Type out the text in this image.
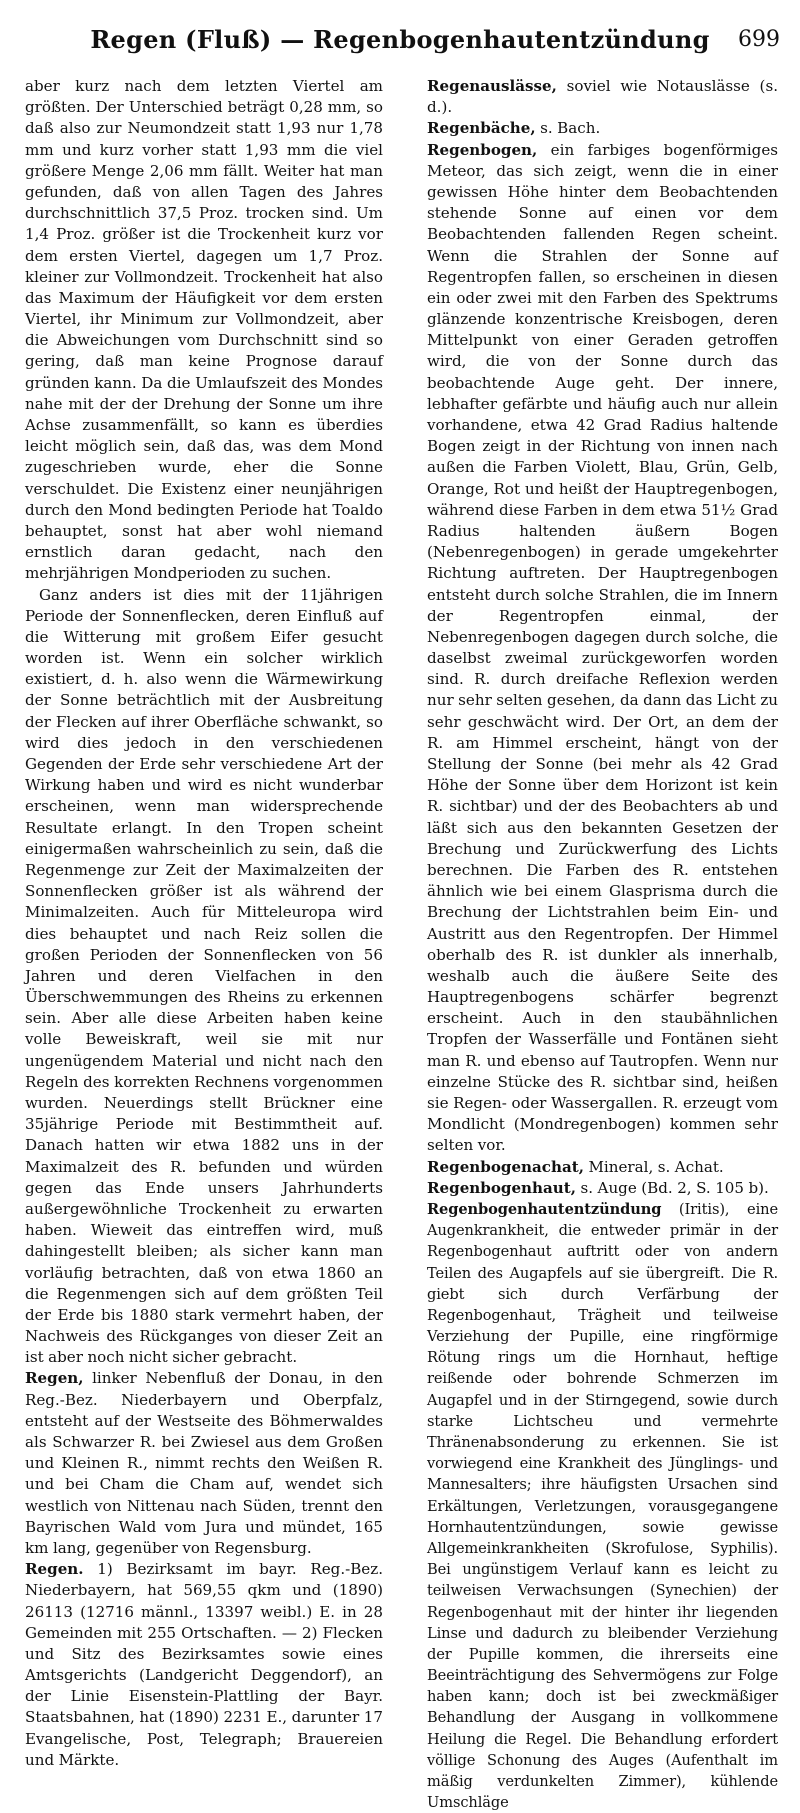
Regen (Fluß) — Regenbogenhautentzündung	699

aber kurz nach dem letzten Viertel am größten. Der Unterschied beträgt 0,28 mm, so daß also zur Neumondzeit statt 1,93 nur 1,78 mm und kurz vorher statt 1,93 mm die viel größere Menge 2,06 mm fällt. Weiter hat man gefunden, daß von allen Tagen des Jahres durchschnittlich 37,5 Proz. trocken sind. Um 1,4 Proz. größer ist die Trockenheit kurz vor dem ersten Viertel, dagegen um 1,7 Proz. kleiner zur Vollmondzeit. Trockenheit hat also das Maximum der Häufigkeit vor dem ersten Viertel, ihr Minimum zur Vollmondzeit, aber die Abweichungen vom Durchschnitt sind so gering, daß man keine Prognose darauf gründen kann. Da die Umlaufszeit des Mondes nahe mit der der Drehung der Sonne um ihre Achse zusammenfällt, so kann es überdies leicht möglich sein, daß das, was dem Mond zugeschrieben wurde, eher die Sonne verschuldet. Die Existenz einer neunjährigen durch den Mond bedingten Periode hat Toaldo behauptet, sonst hat aber wohl niemand ernstlich daran gedacht, nach den mehrjährigen Mondperioden zu suchen.

Ganz anders ist dies mit der 11jährigen Periode der Sonnenflecken, deren Einfluß auf die Witterung mit großem Eifer gesucht worden ist. Wenn ein solcher wirklich existiert, d. h. also wenn die Wärmewirkung der Sonne beträchtlich mit der Ausbreitung der Flecken auf ihrer Oberfläche schwankt, so wird dies jedoch in den verschiedenen Gegenden der Erde sehr verschiedene Art der Wirkung haben und wird es nicht wunderbar erscheinen, wenn man widersprechende Resultate erlangt. In den Tropen scheint einigermaßen wahrscheinlich zu sein, daß die Regenmenge zur Zeit der Maximalzeiten der Sonnenflecken größer ist als während der Minimalzeiten. Auch für Mitteleuropa wird dies behauptet und nach Reiz sollen die großen Perioden der Sonnenflecken von 56 Jahren und deren Vielfachen in den Überschwemmungen des Rheins zu erkennen sein. Aber alle diese Arbeiten haben keine volle Beweiskraft, weil sie mit nur ungenügendem Material und nicht nach den Regeln des korrekten Rechnens vorgenommen wurden. Neuerdings stellt Brückner eine 35jährige Periode mit Bestimmtheit auf. Danach hatten wir etwa 1882 uns in der Maximalzeit des R. befunden und würden gegen das Ende unsers Jahrhunderts außergewöhnliche Trockenheit zu erwarten haben. Wieweit das eintreffen wird, muß dahingestellt bleiben; als sicher kann man vorläufig betrachten, daß von etwa 1860 an die Regenmengen sich auf dem größten Teil der Erde bis 1880 stark vermehrt haben, der Nachweis des Rückganges von dieser Zeit an ist aber noch nicht sicher gebracht.

Regen, linker Nebenfluß der Donau, in den Reg.-Bez. Niederbayern und Oberpfalz, entsteht auf der Westseite des Böhmerwaldes als Schwarzer R. bei Zwiesel aus dem Großen und Kleinen R., nimmt rechts den Weißen R. und bei Cham die Cham auf, wendet sich westlich von Nittenau nach Süden, trennt den Bayrischen Wald vom Jura und mündet, 165 km lang, gegenüber von Regensburg.

Regen. 1) Bezirksamt im bayr. Reg.-Bez. Niederbayern, hat 569,55 qkm und (1890) 26113 (12716 männl., 13397 weibl.) E. in 28 Gemeinden mit 255 Ortschaften. — 2) Flecken und Sitz des Bezirksamtes sowie eines Amtsgerichts (Landgericht Deggendorf), an der Linie Eisenstein-Plattling der Bayr. Staatsbahnen, hat (1890) 2231 E., darunter 17 Evangelische, Post, Telegraph; Brauereien und Märkte.

Regenauslässe, soviel wie Notauslässe (s. d.).

Regenbäche, s. Bach.

Regenbogen, ein farbiges bogenförmiges Meteor, das sich zeigt, wenn die in einer gewissen Höhe hinter dem Beobachtenden stehende Sonne auf einen vor dem Beobachtenden fallenden Regen scheint. Wenn die Strahlen der Sonne auf Regentropfen fallen, so erscheinen in diesen ein oder zwei mit den Farben des Spektrums glänzende konzentrische Kreisbogen, deren Mittelpunkt von einer Geraden getroffen wird, die von der Sonne durch das beobachtende Auge geht. Der innere, lebhafter gefärbte und häufig auch nur allein vorhandene, etwa 42 Grad Radius haltende Bogen zeigt in der Richtung von innen nach außen die Farben Violett, Blau, Grün, Gelb, Orange, Rot und heißt der Hauptregenbogen, während diese Farben in dem etwa 51½ Grad Radius haltenden äußern Bogen (Nebenregenbogen) in gerade umgekehrter Richtung auftreten. Der Hauptregenbogen entsteht durch solche Strahlen, die im Innern der Regentropfen einmal, der Nebenregenbogen dagegen durch solche, die daselbst zweimal zurückgeworfen worden sind. R. durch dreifache Reflexion werden nur sehr selten gesehen, da dann das Licht zu sehr geschwächt wird. Der Ort, an dem der R. am Himmel erscheint, hängt von der Stellung der Sonne (bei mehr als 42 Grad Höhe der Sonne über dem Horizont ist kein R. sichtbar) und der des Beobachters ab und läßt sich aus den bekannten Gesetzen der Brechung und Zurückwerfung des Lichts berechnen. Die Farben des R. entstehen ähnlich wie bei einem Glasprisma durch die Brechung der Lichtstrahlen beim Ein- und Austritt aus den Regentropfen. Der Himmel oberhalb des R. ist dunkler als innerhalb, weshalb auch die äußere Seite des Hauptregenbogens schärfer begrenzt erscheint. Auch in den staubähnlichen Tropfen der Wasserfälle und Fontänen sieht man R. und ebenso auf Tautropfen. Wenn nur einzelne Stücke des R. sichtbar sind, heißen sie Regen- oder Wassergallen. R. erzeugt vom Mondlicht (Mondregenbogen) kommen sehr selten vor.

Regenbogenachat, Mineral, s. Achat.

Regenbogenhaut, s. Auge (Bd. 2, S. 105 b).

Regenbogenhautentzündung (Iritis), eine Augenkrankheit, die entweder primär in der Regenbogenhaut auftritt oder von andern Teilen des Augapfels auf sie übergreift. Die R. giebt sich durch Verfärbung der Regenbogenhaut, Trägheit und teilweise Verziehung der Pupille, eine ringförmige Rötung rings um die Hornhaut, heftige reißende oder bohrende Schmerzen im Augapfel und in der Stirngegend, sowie durch starke Lichtscheu und vermehrte Thränenabsonderung zu erkennen. Sie ist vorwiegend eine Krankheit des Jünglings- und Mannesalters; ihre häufigsten Ursachen sind Erkältungen, Verletzungen, vorausgegangene Hornhautentzündungen, sowie gewisse Allgemeinkrankheiten (Skrofulose, Syphilis). Bei ungünstigem Verlauf kann es leicht zu teilweisen Verwachsungen (Synechien) der Regenbogenhaut mit der hinter ihr liegenden Linse und dadurch zu bleibender Verziehung der Pupille kommen, die ihrerseits eine Beeinträchtigung des Sehvermögens zur Folge haben kann; doch ist bei zweckmäßiger Behandlung der Ausgang in vollkommene Heilung die Regel. Die Behandlung erfordert völlige Schonung des Auges (Aufenthalt im mäßig verdunkelten Zimmer), kühlende Umschläge
